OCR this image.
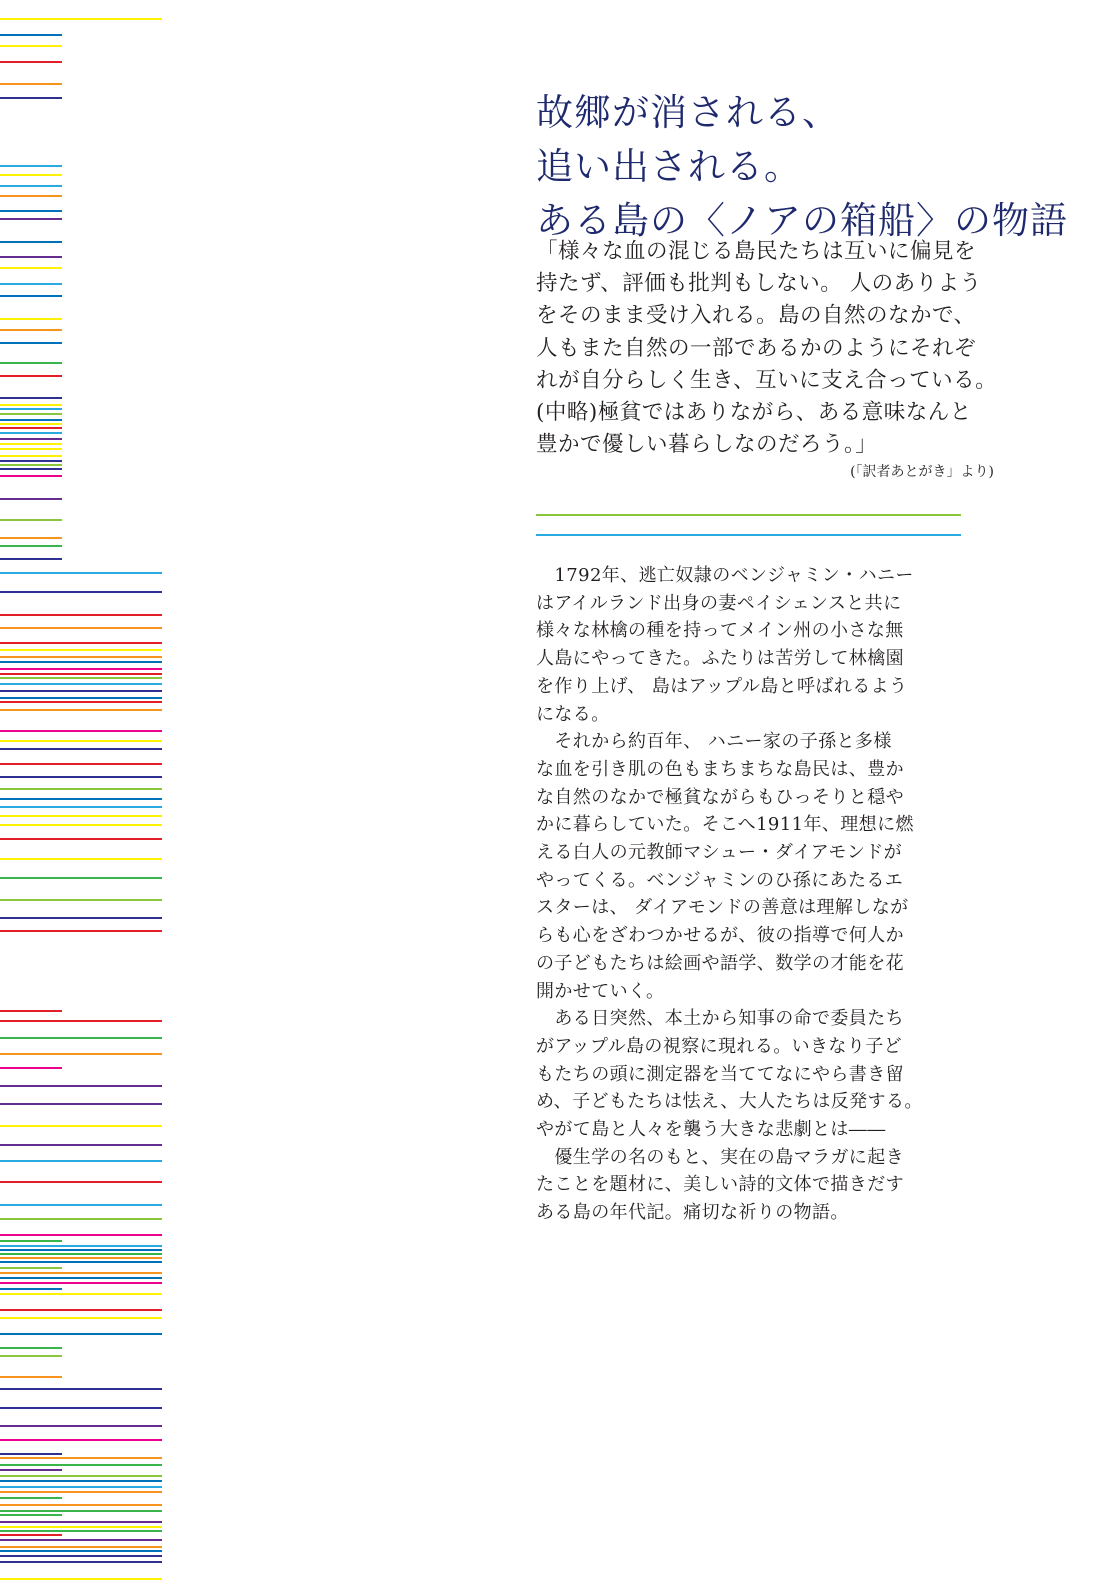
故郷が消される、
追い出される。
ある島の〈ノアの箱船〉の物語
「様々な血の混じる島民たちは互いに偏見を
持たず、評価も批判もしない。 人のありよう
をそのまま受け入れる。島の自然のなかで、
人もまた自然の一部であるかのようにそれぞ
れが自分らしく生き、互いに支え合っている。
(中略)極貧ではありながら、ある意味なんと
豊かで優しい暮らしなのだろう。」
(「訳者あとがき」より)
　1792年、逃亡奴隷のベンジャミン・ハニー
はアイルランド出身の妻ペイシェンスと共に
様々な林檎の種を持ってメイン州の小さな無
人島にやってきた。ふたりは苦労して林檎園
を作り上げ、 島はアップル島と呼ばれるよう
になる。
　それから約百年、 ハニー家の子孫と多様
な血を引き肌の色もまちまちな島民は、豊か
な自然のなかで極貧ながらもひっそりと穏や
かに暮らしていた。そこへ1911年、理想に燃
える白人の元教師マシュー・ダイアモンドが
やってくる。ベンジャミンのひ孫にあたるエ
スターは、 ダイアモンドの善意は理解しなが
らも心をざわつかせるが、彼の指導で何人か
の子どもたちは絵画や語学、数学の才能を花
開かせていく。
　ある日突然、本土から知事の命で委員たち
がアップル島の視察に現れる。いきなり子ど
もたちの頭に測定器を当ててなにやら書き留
め、子どもたちは怯え、大人たちは反発する。
やがて島と人々を襲う大きな悲劇とは――
　優生学の名のもと、実在の島マラガに起き
たことを題材に、美しい詩的文体で描きだす
ある島の年代記。痛切な祈りの物語。
